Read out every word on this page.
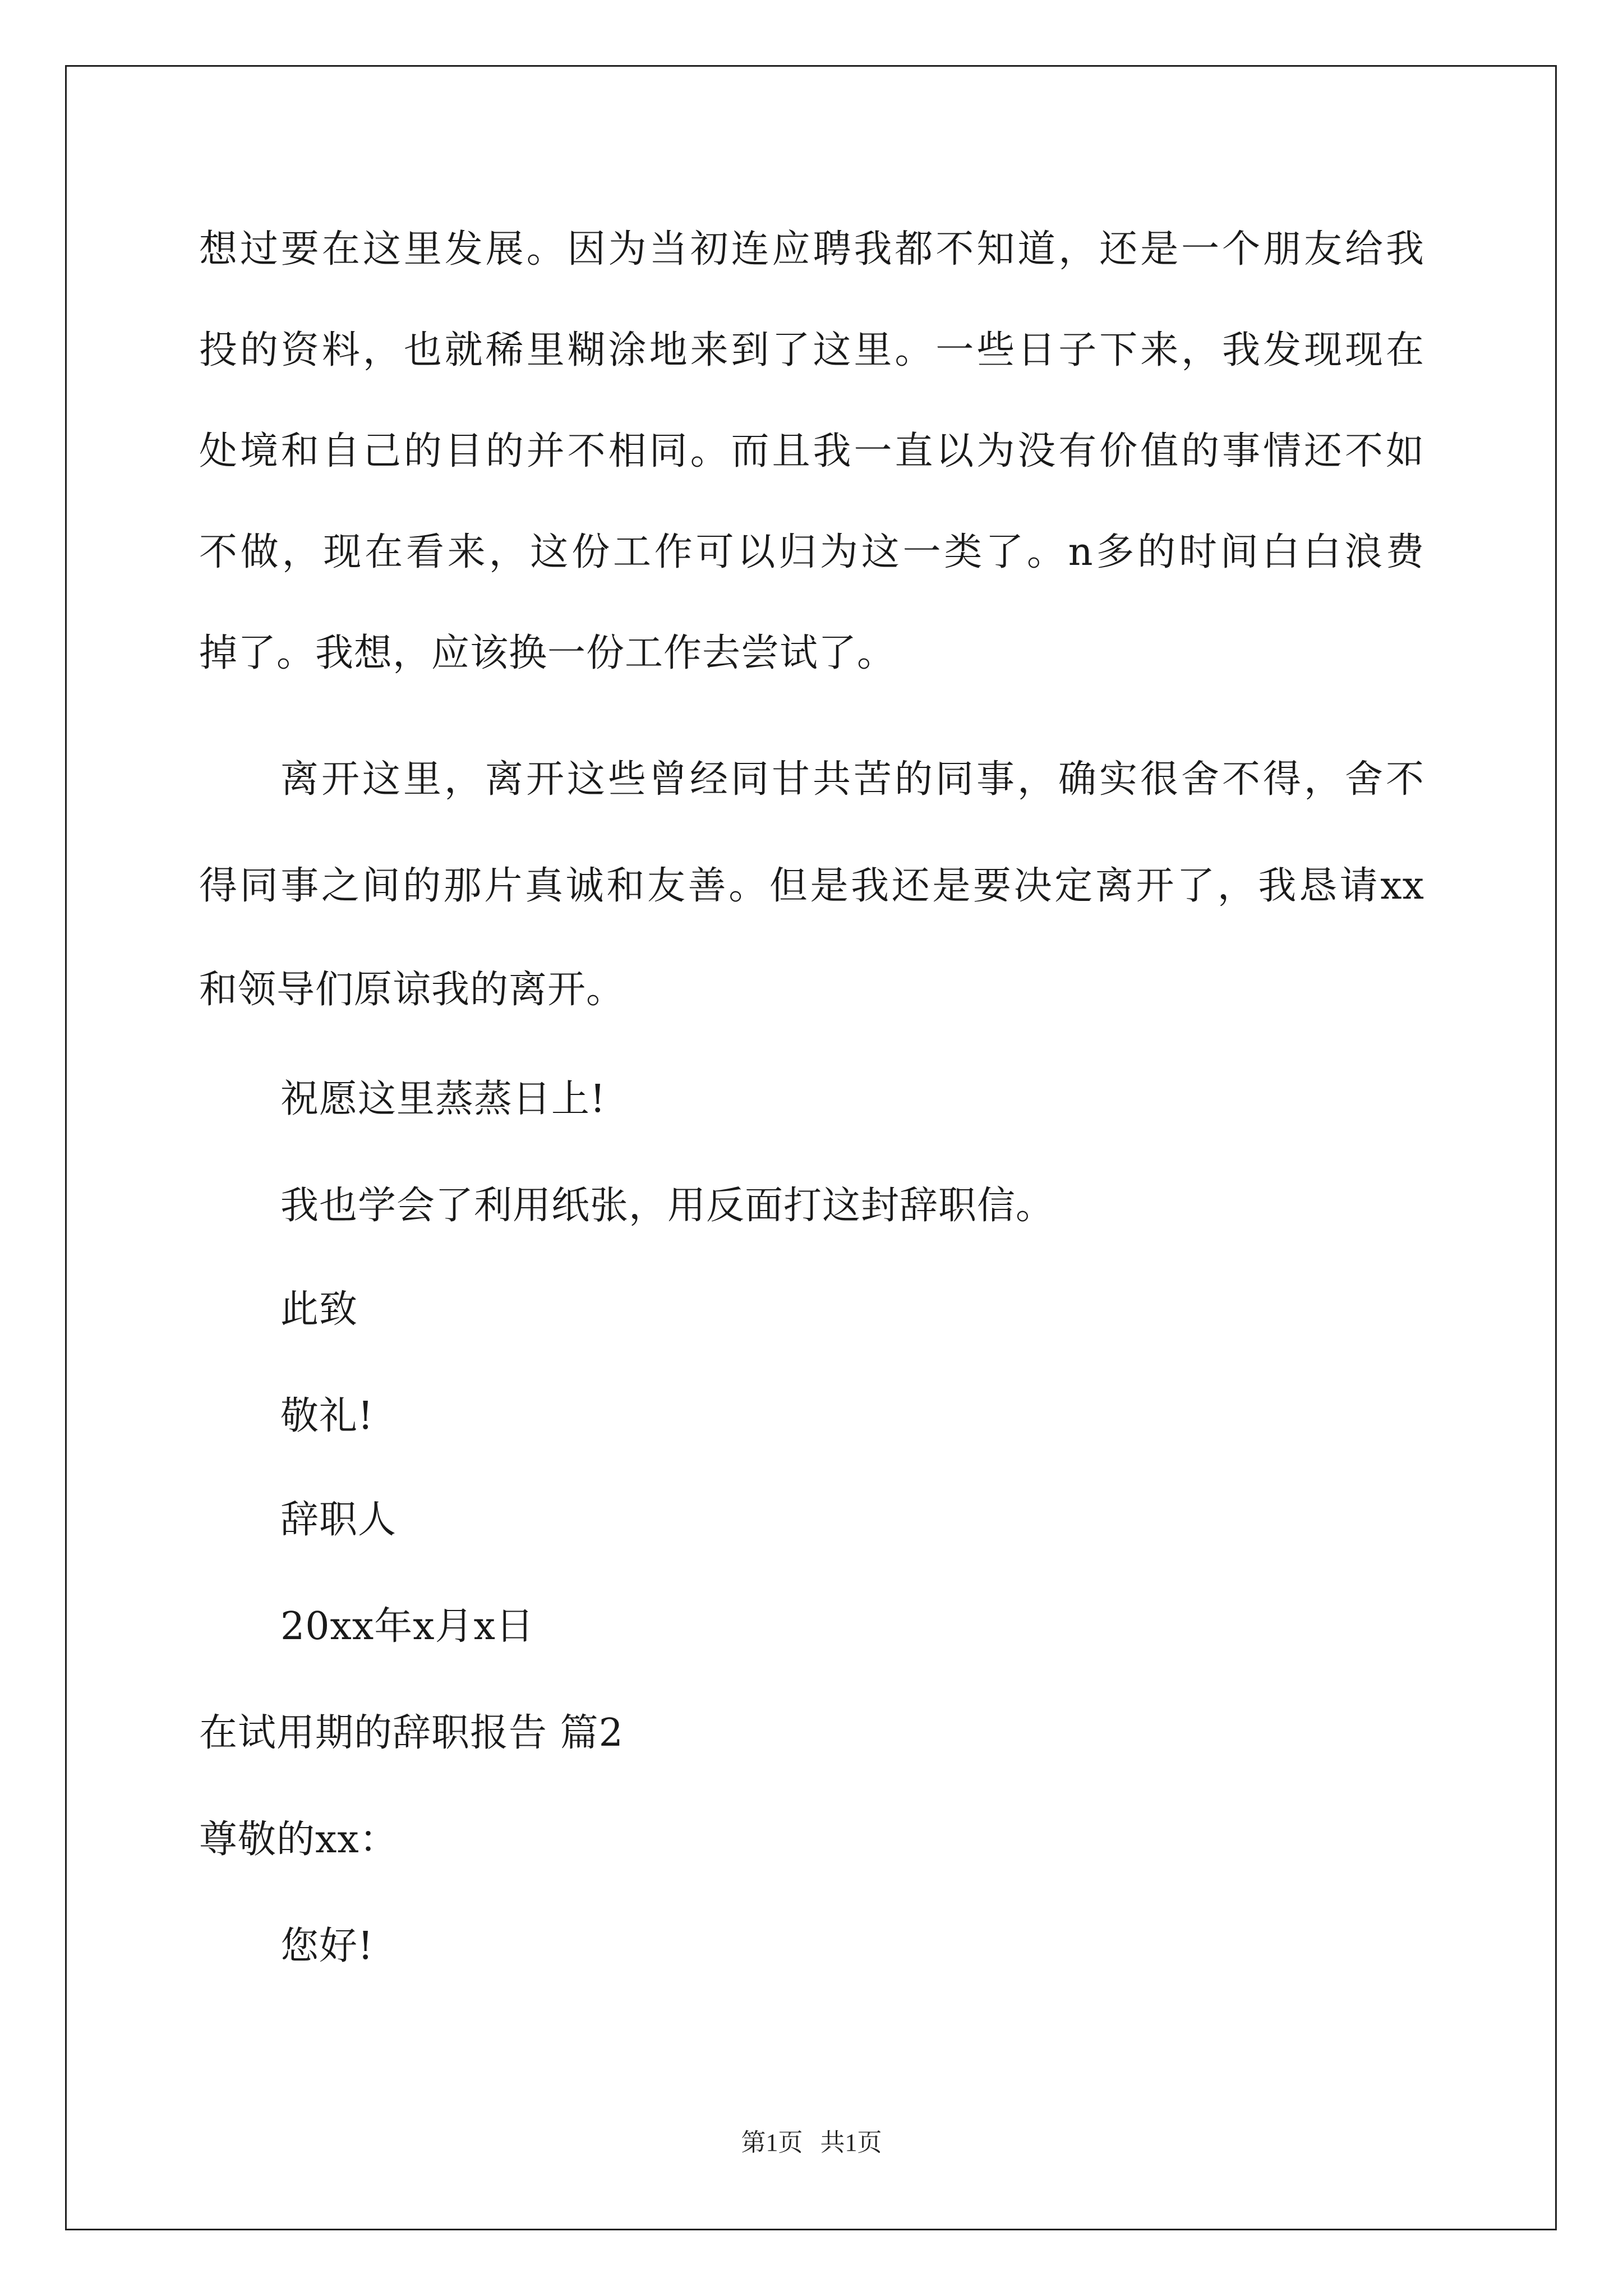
想过要在这里发展。因为当初连应聘我都不知道，还是一个朋友给我
投的资料，也就稀里糊涂地来到了这里。一些日子下来，我发现现在
处境和自己的目的并不相同。而且我一直以为没有价值的事情还不如
不做，现在看来，这份工作可以归为这一类了。n多的时间白白浪费
掉了。我想，应该换一份工作去尝试了。
离开这里，离开这些曾经同甘共苦的同事，确实很舍不得，舍不
得同事之间的那片真诚和友善。但是我还是要决定离开了，我恳请xx
和领导们原谅我的离开。
祝愿这里蒸蒸日上!
我也学会了利用纸张，用反面打这封辞职信。
此致
敬礼!
辞职人
20xx年x月x日
在试用期的辞职报告 篇2
尊敬的xx：
您好!
第1页 共1页
